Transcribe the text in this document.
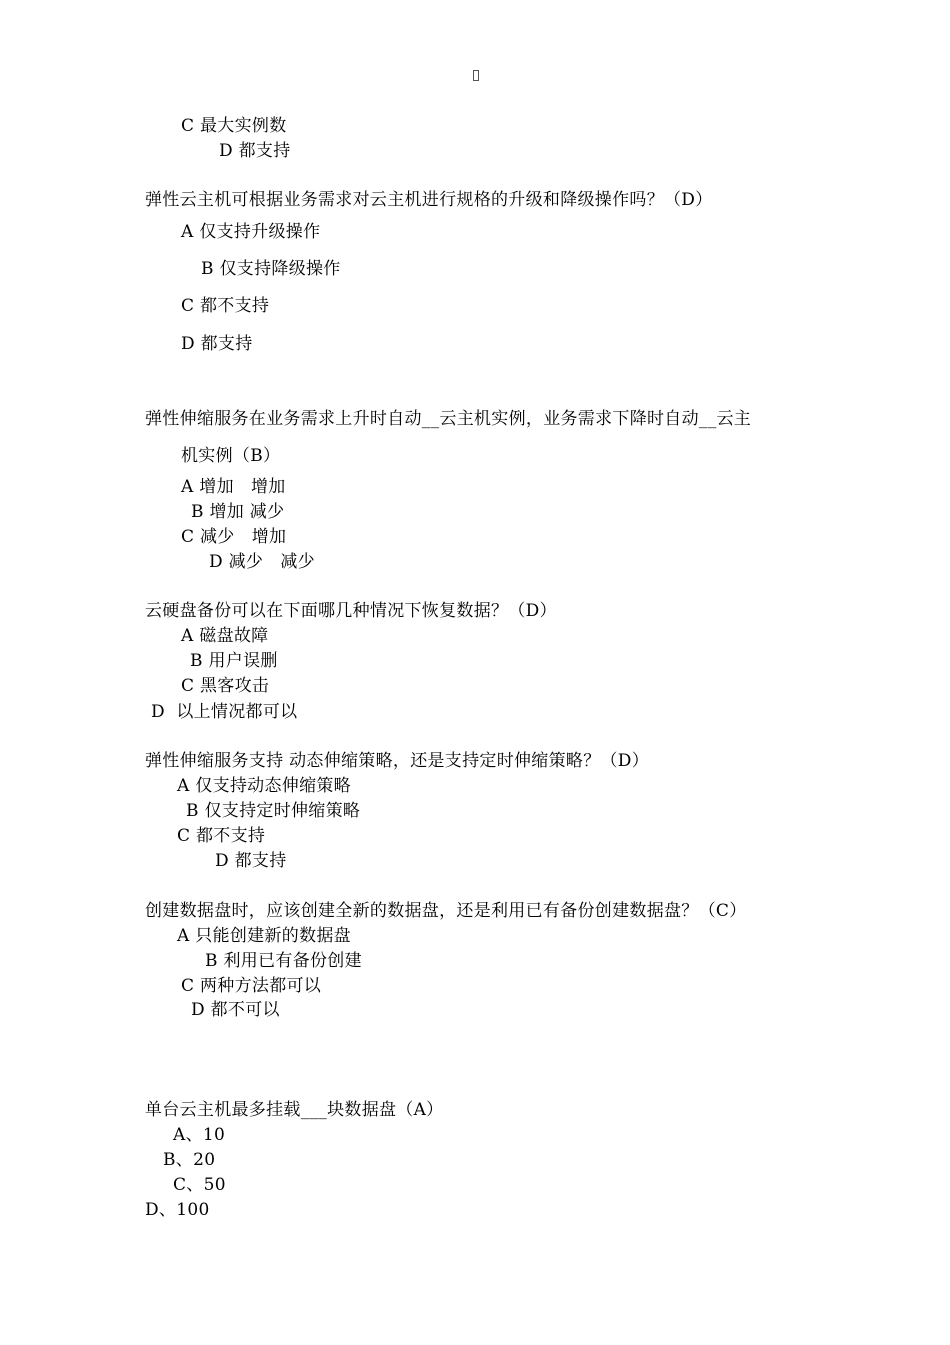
C 最大实例数
D 都支持
弹性云主机可根据业务需求对云主机进行规格的升级和降级操作吗？（D）
A 仅支持升级操作
B 仅支持降级操作
C 都不支持
D 都支持
弹性伸缩服务在业务需求上升时自动__云主机实例，业务需求下降时自动__云主
机实例（B）
A 增加   增加
B 增加 减少
C 减少   增加
D 减少   减少
云硬盘备份可以在下面哪几种情况下恢复数据？（D）
A 磁盘故障
B 用户误删
C 黑客攻击
D  以上情况都可以
弹性伸缩服务支持 动态伸缩策略，还是支持定时伸缩策略？（D）
A 仅支持动态伸缩策略
B 仅支持定时伸缩策略
C 都不支持
D 都支持
创建数据盘时，应该创建全新的数据盘，还是利用已有备份创建数据盘？（C）
A 只能创建新的数据盘
B 利用已有备份创建
C 两种方法都可以
D 都不可以
单台云主机最多挂载___块数据盘（A）
A、10
B、20
C、50
D、100
